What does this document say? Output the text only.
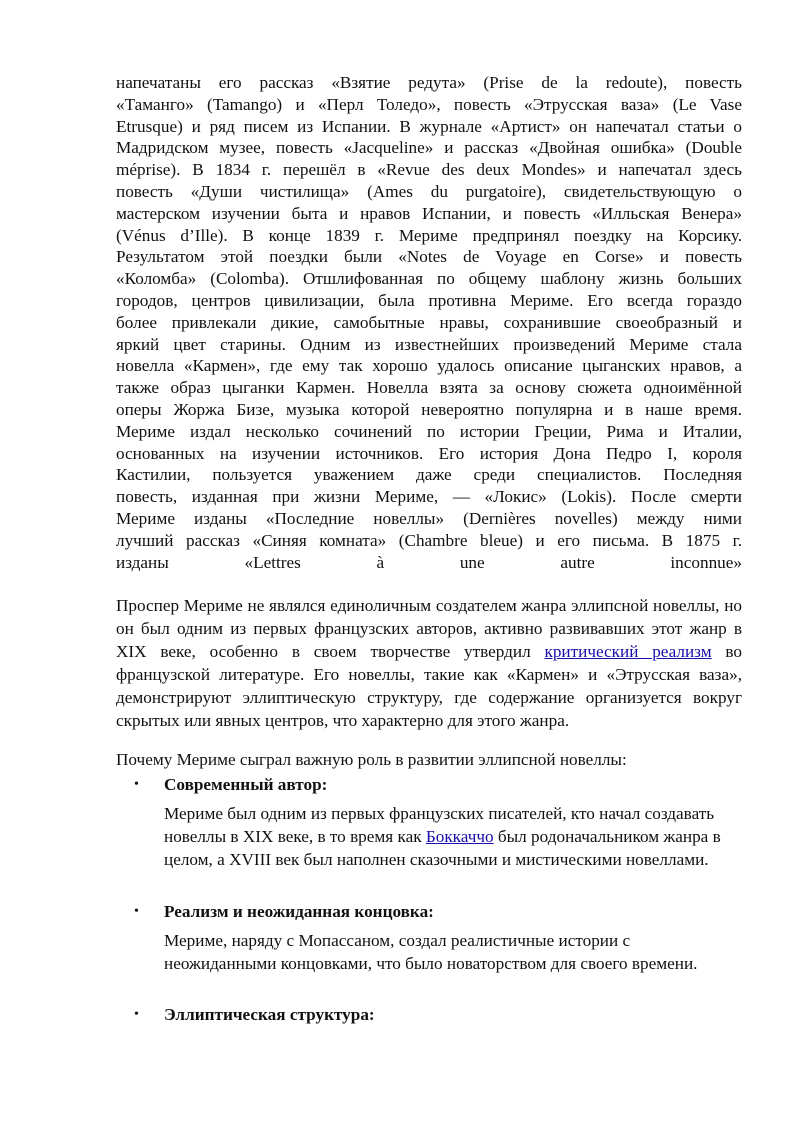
напечатаны его рассказ «Взятие редута» (Prise de la redoute), повесть
«Таманго» (Tamango) и «Перл Толедо», повесть «Этрусская ваза» (Le Vase
Etrusque) и ряд писем из Испании. В журнале «Артист» он напечатал статьи о
Мадридском музее, повесть «Jacqueline» и рассказ «Двойная ошибка» (Double
méprise). В 1834 г. перешёл в «Revue des deux Mondes» и напечатал здесь
повесть «Души чистилища» (Ames du purgatoire), свидетельствующую о
мастерском изучении быта и нравов Испании, и повесть «Илльская Венера»
(Vénus d’Ille). В конце 1839 г. Мериме предпринял поездку на Корсику.
Результатом этой поездки были «Notes de Voyage en Corse» и повесть
«Коломба» (Colomba). Отшлифованная по общему шаблону жизнь больших
городов, центров цивилизации, была противна Мериме. Его всегда гораздо
более привлекали дикие, самобытные нравы, сохранившие своеобразный и
яркий цвет старины. Одним из известнейших произведений Мериме стала
новелла «Кармен», где ему так хорошо удалось описание цыганских нравов, а
также образ цыганки Кармен. Новелла взята за основу сюжета одноимённой
оперы Жоржа Бизе, музыка которой невероятно популярна и в наше время.
Мериме издал несколько сочинений по истории Греции, Рима и Италии,
основанных на изучении источников. Его история Дона Педро I, короля
Кастилии, пользуется уважением даже среди специалистов. Последняя
повесть, изданная при жизни Мериме, — «Локис» (Lokis). После смерти
Мериме изданы «Последние новеллы» (Dernières novelles) между ними
лучший рассказ «Синяя комната» (Chambre bleue) и его письма. В 1875 г.
изданы «Lettres à une autre inconnue»
Проспер Мериме не являлся единоличным создателем жанра эллипсной новеллы, но он был одним из первых французских авторов, активно развивавших этот жанр в XIX веке, особенно в своем творчестве утвердил критический реализм во французской литературе. Его новеллы, такие как «Кармен» и «Этрусская ваза», демонстрируют эллиптическую структуру, где содержание организуется вокруг скрытых или явных центров, что характерно для этого жанра.
Почему Мериме сыграл важную роль в развитии эллипсной новеллы:
• Современный автор:
Мериме был одним из первых французских писателей, кто начал создавать новеллы в XIX веке, в то время как Боккаччо был родоначальником жанра в целом, а XVIII век был наполнен сказочными и мистическими новеллами.
• Реализм и неожиданная концовка:
Мериме, наряду с Мопассаном, создал реалистичные истории с неожиданными концовками, что было новаторством для своего времени.
• Эллиптическая структура:
